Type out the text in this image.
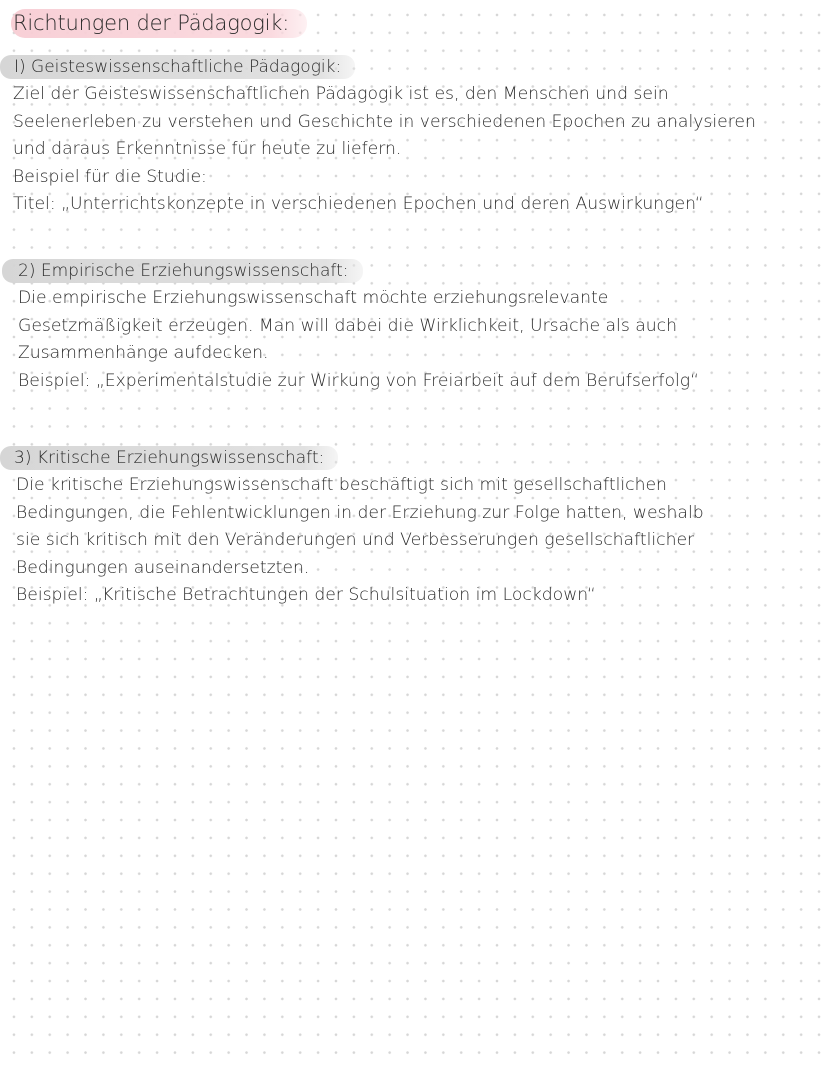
Richtungen der Pädagogik:
I) Geisteswissenschaftliche Pädagogik:
Ziel der Geisteswissenschaftlichen Pädagogik ist es, den Menschen und sein
Seelenerleben zu verstehen und Geschichte in verschiedenen Epochen zu analysieren
und daraus Erkenntnisse für heute zu liefern.
Beispiel für die Studie:
Titel: „Unterrichtskonzepte in verschiedenen Epochen und deren Auswirkungen“
2) Empirische Erziehungswissenschaft:
Die empirische Erziehungswissenschaft möchte erziehungsrelevante
Gesetzmäßigkeit erzeugen. Man will dabei die Wirklichkeit, Ursache als auch
Zusammenhänge aufdecken.
Beispiel: „Experimentalstudie zur Wirkung von Freiarbeit auf dem Berufserfolg“
3) Kritische Erziehungswissenschaft:
Die kritische Erziehungswissenschaft beschäftigt sich mit gesellschaftlichen
Bedingungen, die Fehlentwicklungen in der Erziehung zur Folge hatten, weshalb
sie sich kritisch mit den Veränderungen und Verbesserungen gesellschaftlicher
Bedingungen auseinandersetzten.
Beispiel: „Kritische Betrachtungen der Schulsituation im Lockdown“
